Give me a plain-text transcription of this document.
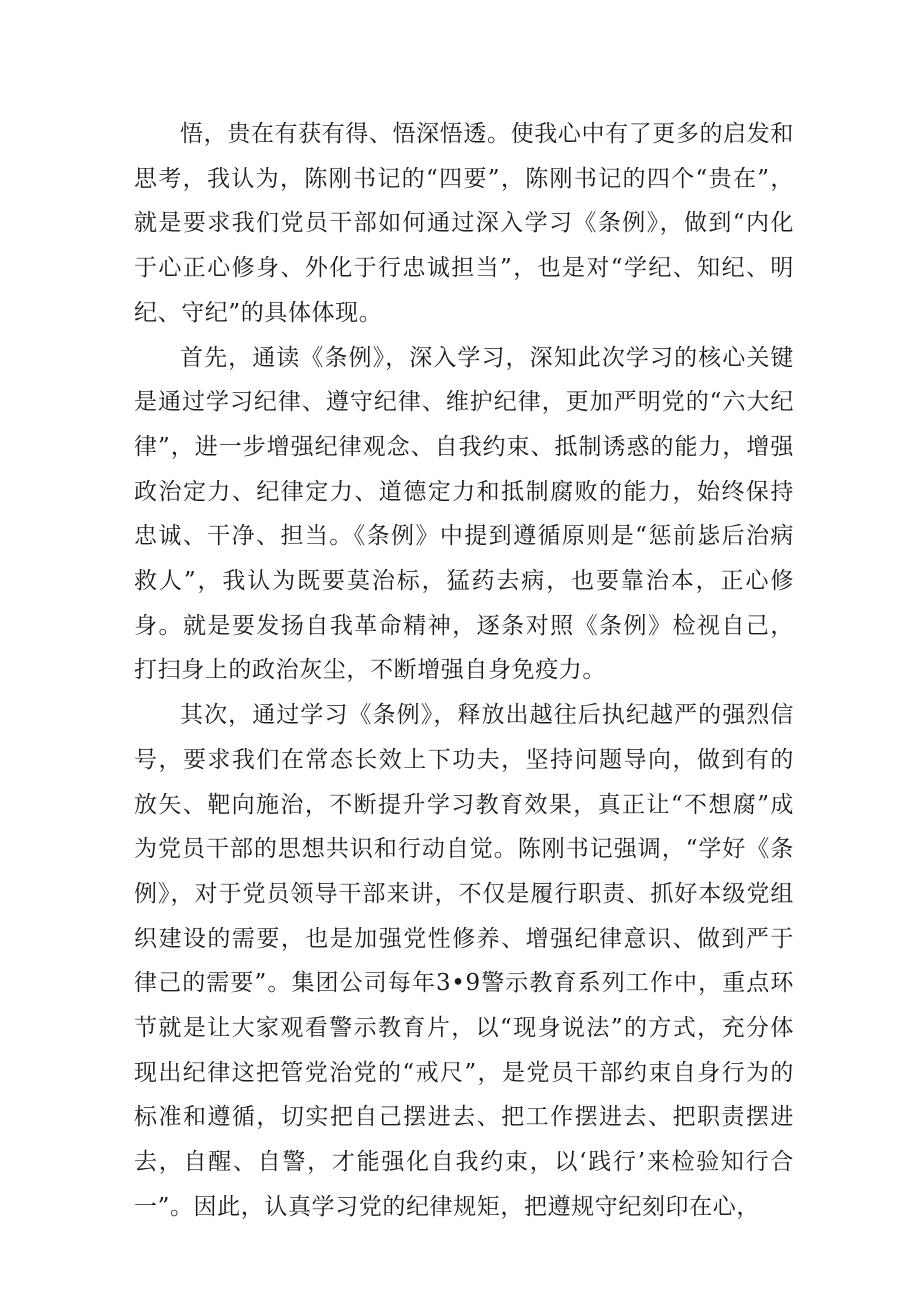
悟，贵在有获有得、悟深悟透。使我心中有了更多的启发和思考，我认为，陈刚书记的“四要”，陈刚书记的四个“贵在”，就是要求我们党员干部如何通过深入学习《条例》，做到“内化于心正心修身、外化于行忠诚担当”，也是对“学纪、知纪、明纪、守纪”的具体体现。

首先，通读《条例》，深入学习，深知此次学习的核心关键是通过学习纪律、遵守纪律、维护纪律，更加严明党的“六大纪律”，进一步增强纪律观念、自我约束、抵制诱惑的能力，增强政治定力、纪律定力、道德定力和抵制腐败的能力，始终保持忠诚、干净、担当。《条例》中提到遵循原则是“惩前毖后治病救人”，我认为既要莫治标，猛药去病，也要靠治本，正心修身。就是要发扬自我革命精神，逐条对照《条例》检视自己，打扫身上的政治灰尘，不断增强自身免疫力。

其次，通过学习《条例》，释放出越往后执纪越严的强烈信号，要求我们在常态长效上下功夫，坚持问题导向，做到有的放矢、靶向施治，不断提升学习教育效果，真正让“不想腐”成为党员干部的思想共识和行动自觉。陈刚书记强调，“学好《条例》，对于党员领导干部来讲，不仅是履行职责、抓好本级党组织建设的需要，也是加强党性修养、增强纪律意识、做到严于律己的需要”。集团公司每年3•9警示教育系列工作中，重点环节就是让大家观看警示教育片，以“现身说法”的方式，充分体现出纪律这把管党治党的“戒尺”，是党员干部约束自身行为的标准和遵循，切实把自己摆进去、把工作摆进去、把职责摆进去，自醒、自警，才能强化自我约束，以‘践行’来检验知行合一”。因此，认真学习党的纪律规矩，把遵规守纪刻印在心，
